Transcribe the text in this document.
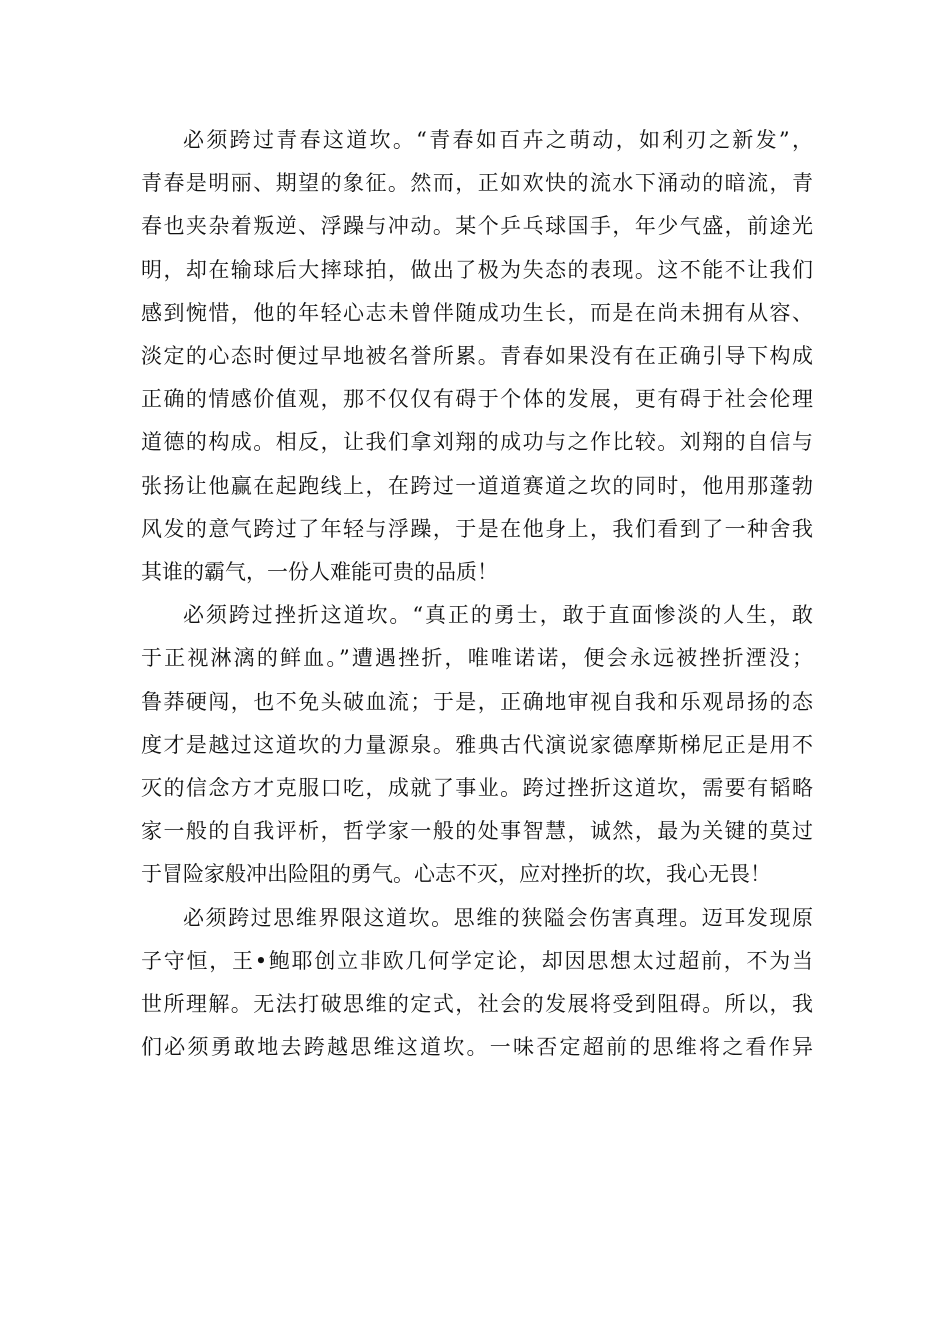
必须跨过青春这道坎。“青春如百卉之萌动，如利刃之新发”，
青春是明丽、期望的象征。然而，正如欢快的流水下涌动的暗流，青
春也夹杂着叛逆、浮躁与冲动。某个乒乓球国手，年少气盛，前途光
明，却在输球后大摔球拍，做出了极为失态的表现。这不能不让我们
感到惋惜，他的年轻心志未曾伴随成功生长，而是在尚未拥有从容、
淡定的心态时便过早地被名誉所累。青春如果没有在正确引导下构成
正确的情感价值观，那不仅仅有碍于个体的发展，更有碍于社会伦理
道德的构成。相反，让我们拿刘翔的成功与之作比较。刘翔的自信与
张扬让他赢在起跑线上，在跨过一道道赛道之坎的同时，他用那蓬勃
风发的意气跨过了年轻与浮躁，于是在他身上，我们看到了一种舍我
其谁的霸气，一份人难能可贵的品质！
必须跨过挫折这道坎。“真正的勇士，敢于直面惨淡的人生，敢
于正视淋漓的鲜血。”遭遇挫折，唯唯诺诺，便会永远被挫折湮没；
鲁莽硬闯，也不免头破血流；于是，正确地审视自我和乐观昂扬的态
度才是越过这道坎的力量源泉。雅典古代演说家德摩斯梯尼正是用不
灭的信念方才克服口吃，成就了事业。跨过挫折这道坎，需要有韬略
家一般的自我评析，哲学家一般的处事智慧，诚然，最为关键的莫过
于冒险家般冲出险阻的勇气。心志不灭，应对挫折的坎，我心无畏！
必须跨过思维界限这道坎。思维的狭隘会伤害真理。迈耳发现原
子守恒，王•鲍耶创立非欧几何学定论，却因思想太过超前，不为当
世所理解。无法打破思维的定式，社会的发展将受到阻碍。所以，我
们必须勇敢地去跨越思维这道坎。一味否定超前的思维将之看作异
